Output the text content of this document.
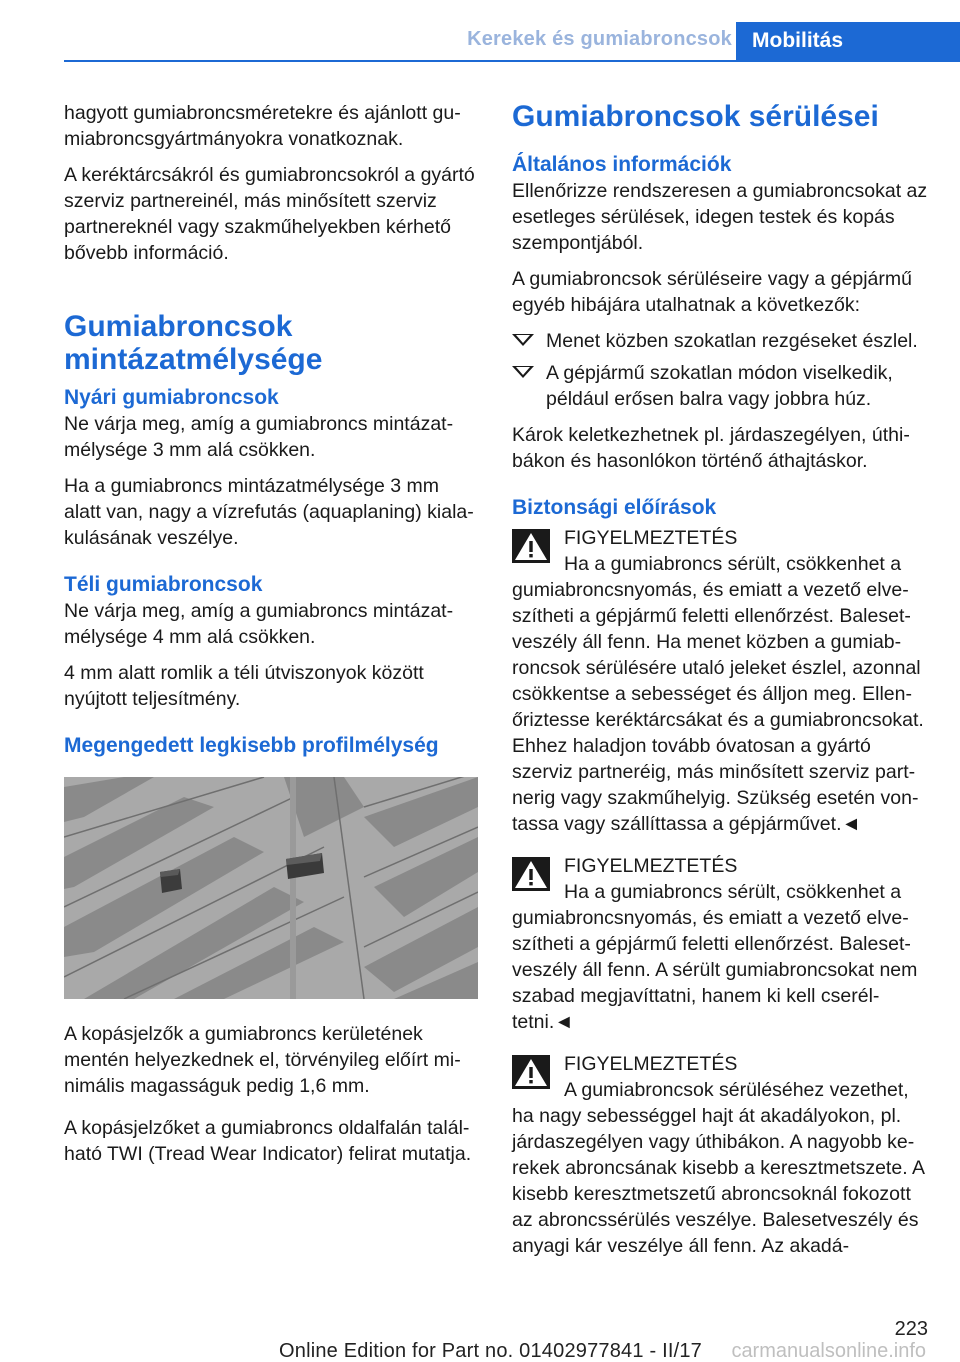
Kerekek és gumiabroncsok Mobilitás

hagyott gumiabroncsméretekre és ajánlott gumiabroncsgyártmányokra vonatkoznak.

A keréktárcsákról és gumiabroncsokról a gyártó szerviz partnereinél, más minősített szerviz partnereknél vagy szakműhelyekben kérhető bővebb információ.

Gumiabroncsok mintázatmélysége
Nyári gumiabroncsok

Ne várja meg, amíg a gumiabroncs mintázatmélysége 3 mm alá csökken.

Ha a gumiabroncs mintázatmélysége 3 mm alatt van, nagy a vízrefutás (aquaplaning) kialakulásának veszélye.

Téli gumiabroncsok

Ne várja meg, amíg a gumiabroncs mintázatmélysége 4 mm alá csökken.

4 mm alatt romlik a téli útviszonyok között nyújtott teljesítmény.

Megengedett legkisebb profilmélység

A kopásjelzők a gumiabroncs kerületének mentén helyezkednek el, törvényileg előírt minimális magasságuk pedig 1,6 mm.

A kopásjelzőket a gumiabroncs oldalfalán található TWI (Tread Wear Indicator) felirat mutatja.

Gumiabroncsok sérülései
Általános információk

Ellenőrizze rendszeresen a gumiabroncsokat az esetleges sérülések, idegen testek és kopás szempontjából.

A gumiabroncsok sérüléseire vagy a gépjármű egyéb hibájára utalhatnak a következők:

Menet közben szokatlan rezgéseket észlel.
A gépjármű szokatlan módon viselkedik, például erősen balra vagy jobbra húz.

Károk keletkezhetnek pl. járdaszegélyen, úthibákon és hasonlókon történő áthajtáskor.

Biztonsági előírások
FIGYELMEZTETÉS
Ha a gumiabroncs sérült, csökkenhet a gumiabroncsnyomás, és emiatt a vezető elveszítheti a gépjármű feletti ellenőrzést. Balesetveszély áll fenn. Ha menet közben a gumiabroncsok sérülésére utaló jeleket észlel, azonnal csökkentse a sebességet és álljon meg. Ellenőriztesse keréktárcsákat és a gumiabroncsokat. Ehhez haladjon tovább óvatosan a gyártó szerviz partneréig, más minősített szerviz partnerig vagy szakműhelyig. Szükség esetén vontassa vagy szállíttassa a gépjárművet.◄
FIGYELMEZTETÉS
Ha a gumiabroncs sérült, csökkenhet a gumiabroncsnyomás, és emiatt a vezető elveszítheti a gépjármű feletti ellenőrzést. Balesetveszély áll fenn. A sérült gumiabroncsokat nem szabad megjavíttatni, hanem ki kell cseréltetni.◄
FIGYELMEZTETÉS
A gumiabroncsok sérüléséhez vezethet, ha nagy sebességgel hajt át akadályokon, pl. járdaszegélyen vagy úthibákon. A nagyobb kerekek abroncsának kisebb a keresztmetszete. A kisebb keresztmetszetű abroncsoknál fokozott az abroncssérülés veszélye. Balesetveszély és anyagi kár veszélye áll fenn. Az akadá-
223
Online Edition for Part no. 01402977841 - II/17 carmanualsonline.info
